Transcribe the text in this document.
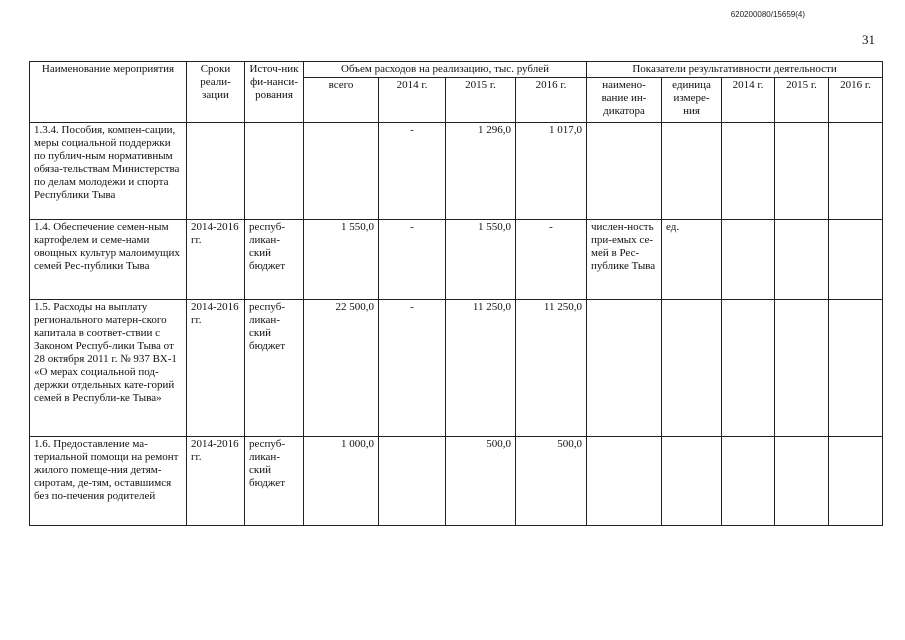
620200080/15659(4)
31
Наименование мероприятия	Сроки реали-зации	Источ-ник фи-нанси-рования	Объем расходов на реализацию, тыс. рублей				Показатели результативности деятельности				
			всего	2014 г.	2015 г.	2016 г.	наимено-вание ин-дикатора	единица измере-ния	2014 г.	2015 г.	2016 г.
1.3.4. Пособия, компен-сации, меры социальной поддержки по публич-ным нормативным обяза-тельствам Министерства по делам молодежи и спорта Республики Тыва				-	1 296,0	1 017,0					
1.4. Обеспечение семен-ным картофелем и семе-нами овощных культур малоимущих семей Рес-публики Тыва	2014-2016 гг.	респуб-ликан-ский бюджет	1 550,0	-	1 550,0	-	числен-ность при-емых се-мей в Рес-публике Тыва	ед.			
1.5. Расходы на выплату регионального матерн-ского капитала в соответ-ствии с Законом Респуб-лики Тыва от 28 октября 2011 г. № 937 ВХ-1 «О мерах социальной под-держки отдельных кате-горий семей в Республи-ке Тыва»	2014-2016 гг.	респуб-ликан-ский бюджет	22 500,0	-	11 250,0	11 250,0					
1.6. Предоставление ма-териальной помощи на ремонт жилого помеще-ния детям-сиротам, де-тям, оставшимся без по-печения родителей	2014-2016 гг.	респуб-ликан-ский бюджет	1 000,0		500,0	500,0					
